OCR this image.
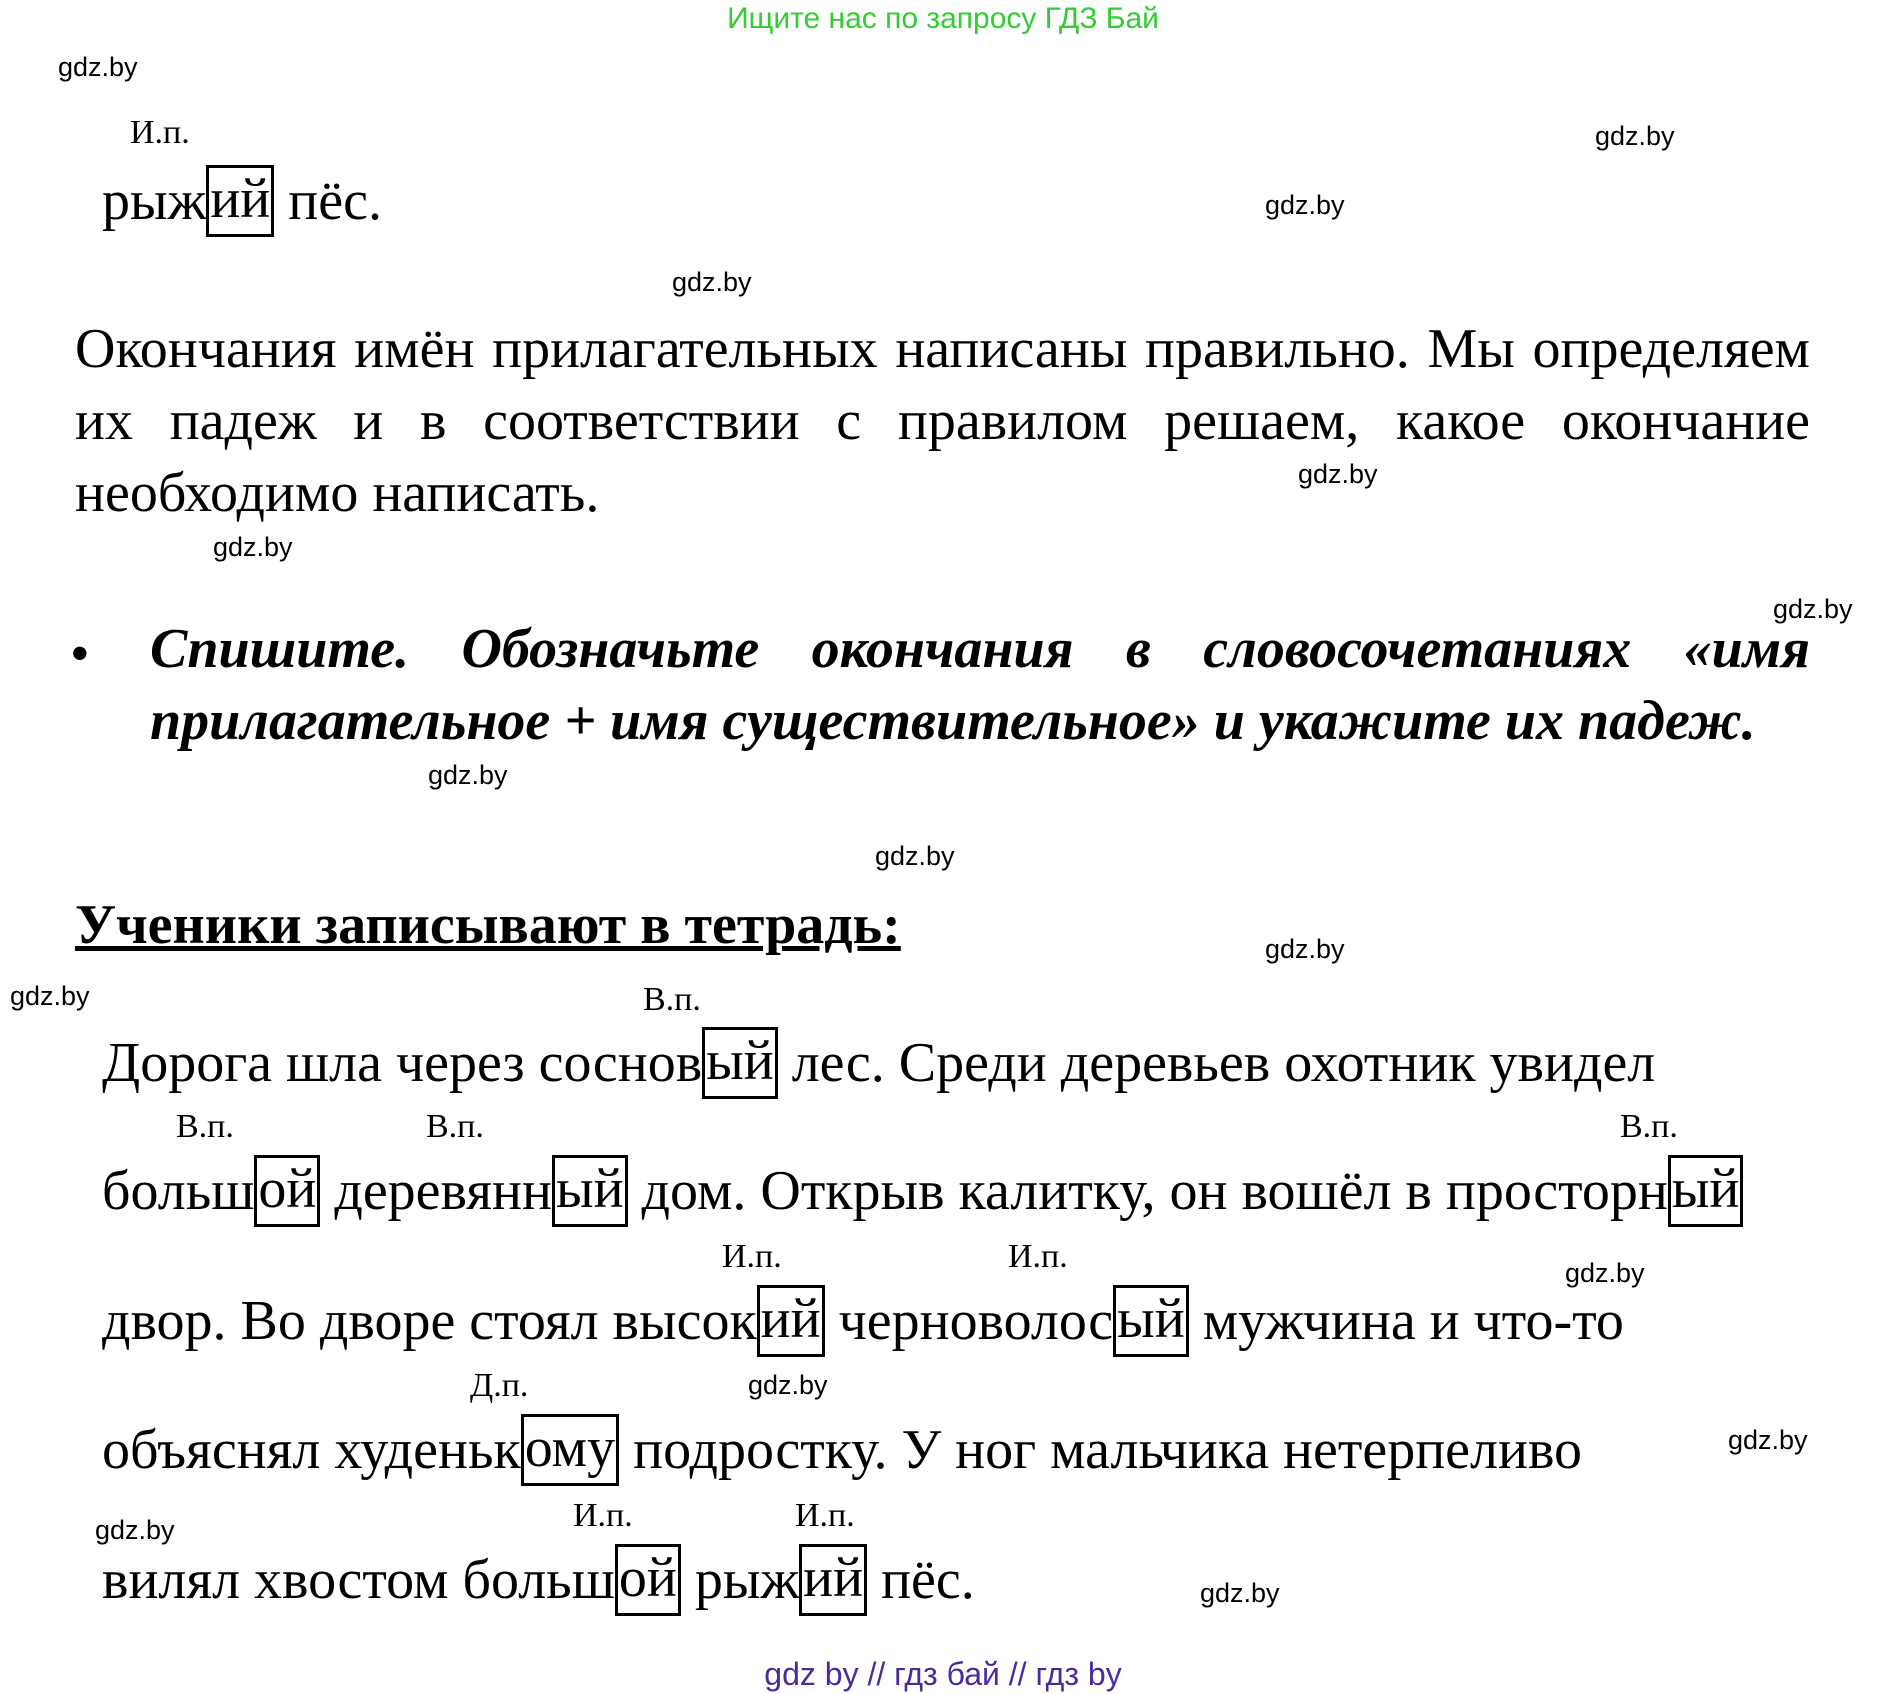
Ищите нас по запросу ГДЗ Бай
gdz.by
gdz.by
gdz.by
gdz.by
gdz.by
gdz.by
gdz.by
gdz.by
gdz.by
gdz.by
gdz.by
gdz.by
gdz.by
gdz.by
gdz.by
gdz.by
И.п.
рыжий пёс.
Окончания имён прилагательных написаны правильно. Мы определяем их падеж и в соответствии с правилом решаем, какое окончание необходимо написать.
• Спишите. Обозначьте окончания в словосочетаниях «имя прилагательное + имя существительное» и укажите их падеж.
Ученики записывают в тетрадь:
В.п.
Дорога шла через сосновый лес. Среди деревьев охотник увидел
В.п.	В.п.	В.п.
большой деревянный дом. Открыв калитку, он вошёл в просторный
И.п.	И.п.
двор. Во дворе стоял высокий черноволосый мужчина и что-то
Д.п.
объяснял худенькому подростку. У ног мальчика нетерпеливо
И.п.	И.п.
вилял хвостом большой рыжий пёс.
gdz by // гдз бай // гдз by
